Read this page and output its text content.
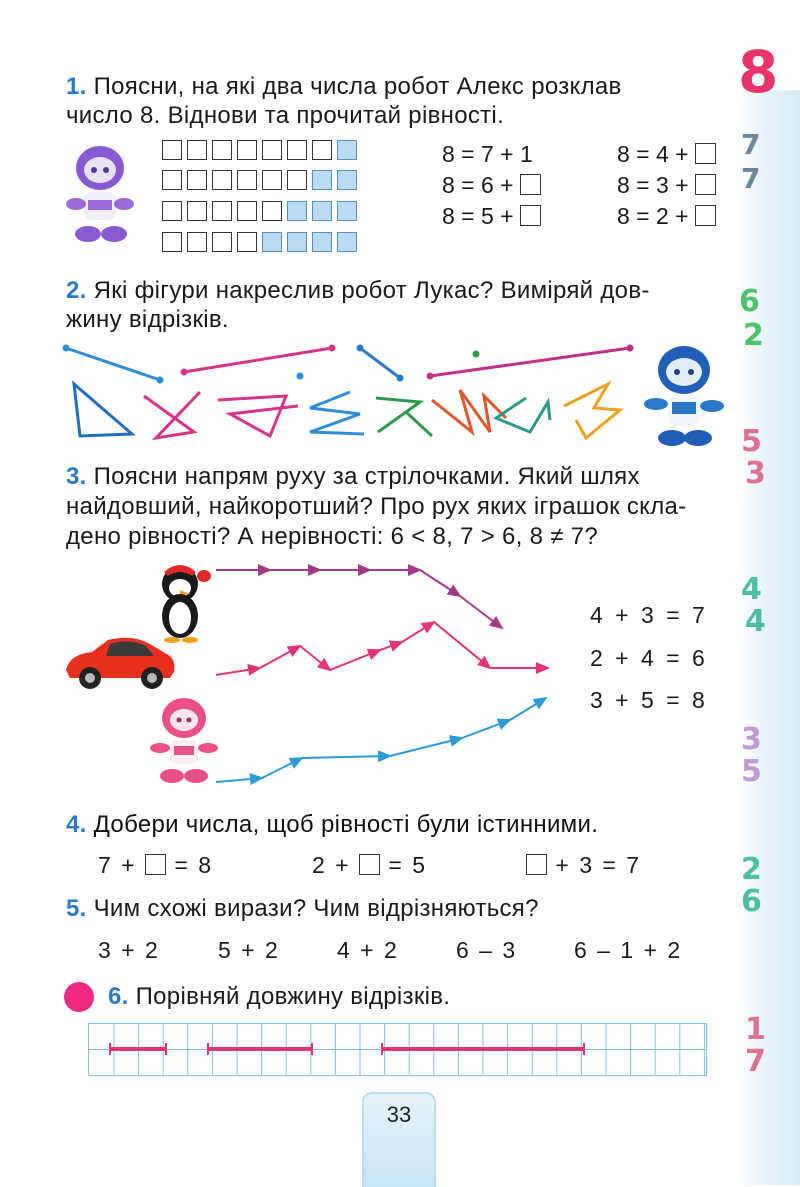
8
7
7
6
2
5
3
4
4
3
5
2
6
1
7
1. Поясни, на які два числа робот Алекс розклав
число 8. Віднови та прочитай рівності.
8 = 7 + 1
8 = 6 +
8 = 5 +
8 = 4 +
8 = 3 +
8 = 2 +
2. Які фігури накреслив робот Лукас? Виміряй дов-
жину відрізків.
3. Поясни напрям руху за стрілочками. Який шлях
найдовший, найкоротший? Про рух яких іграшок скла-
дено рівності? А нерівності: 6 < 8, 7 > 6, 8 ≠ 7?
4 + 3 = 7
2 + 4 = 6
3 + 5 = 8
4. Добери числа, щоб рівності були істинними.
7 + = 8	2 + = 5	+ 3 = 7
5. Чим схожі вирази? Чим відрізняються?
3 + 2	5 + 2 4 + 2 6 – 3 6 – 1 + 2
6. Порівняй довжину відрізків.
33
